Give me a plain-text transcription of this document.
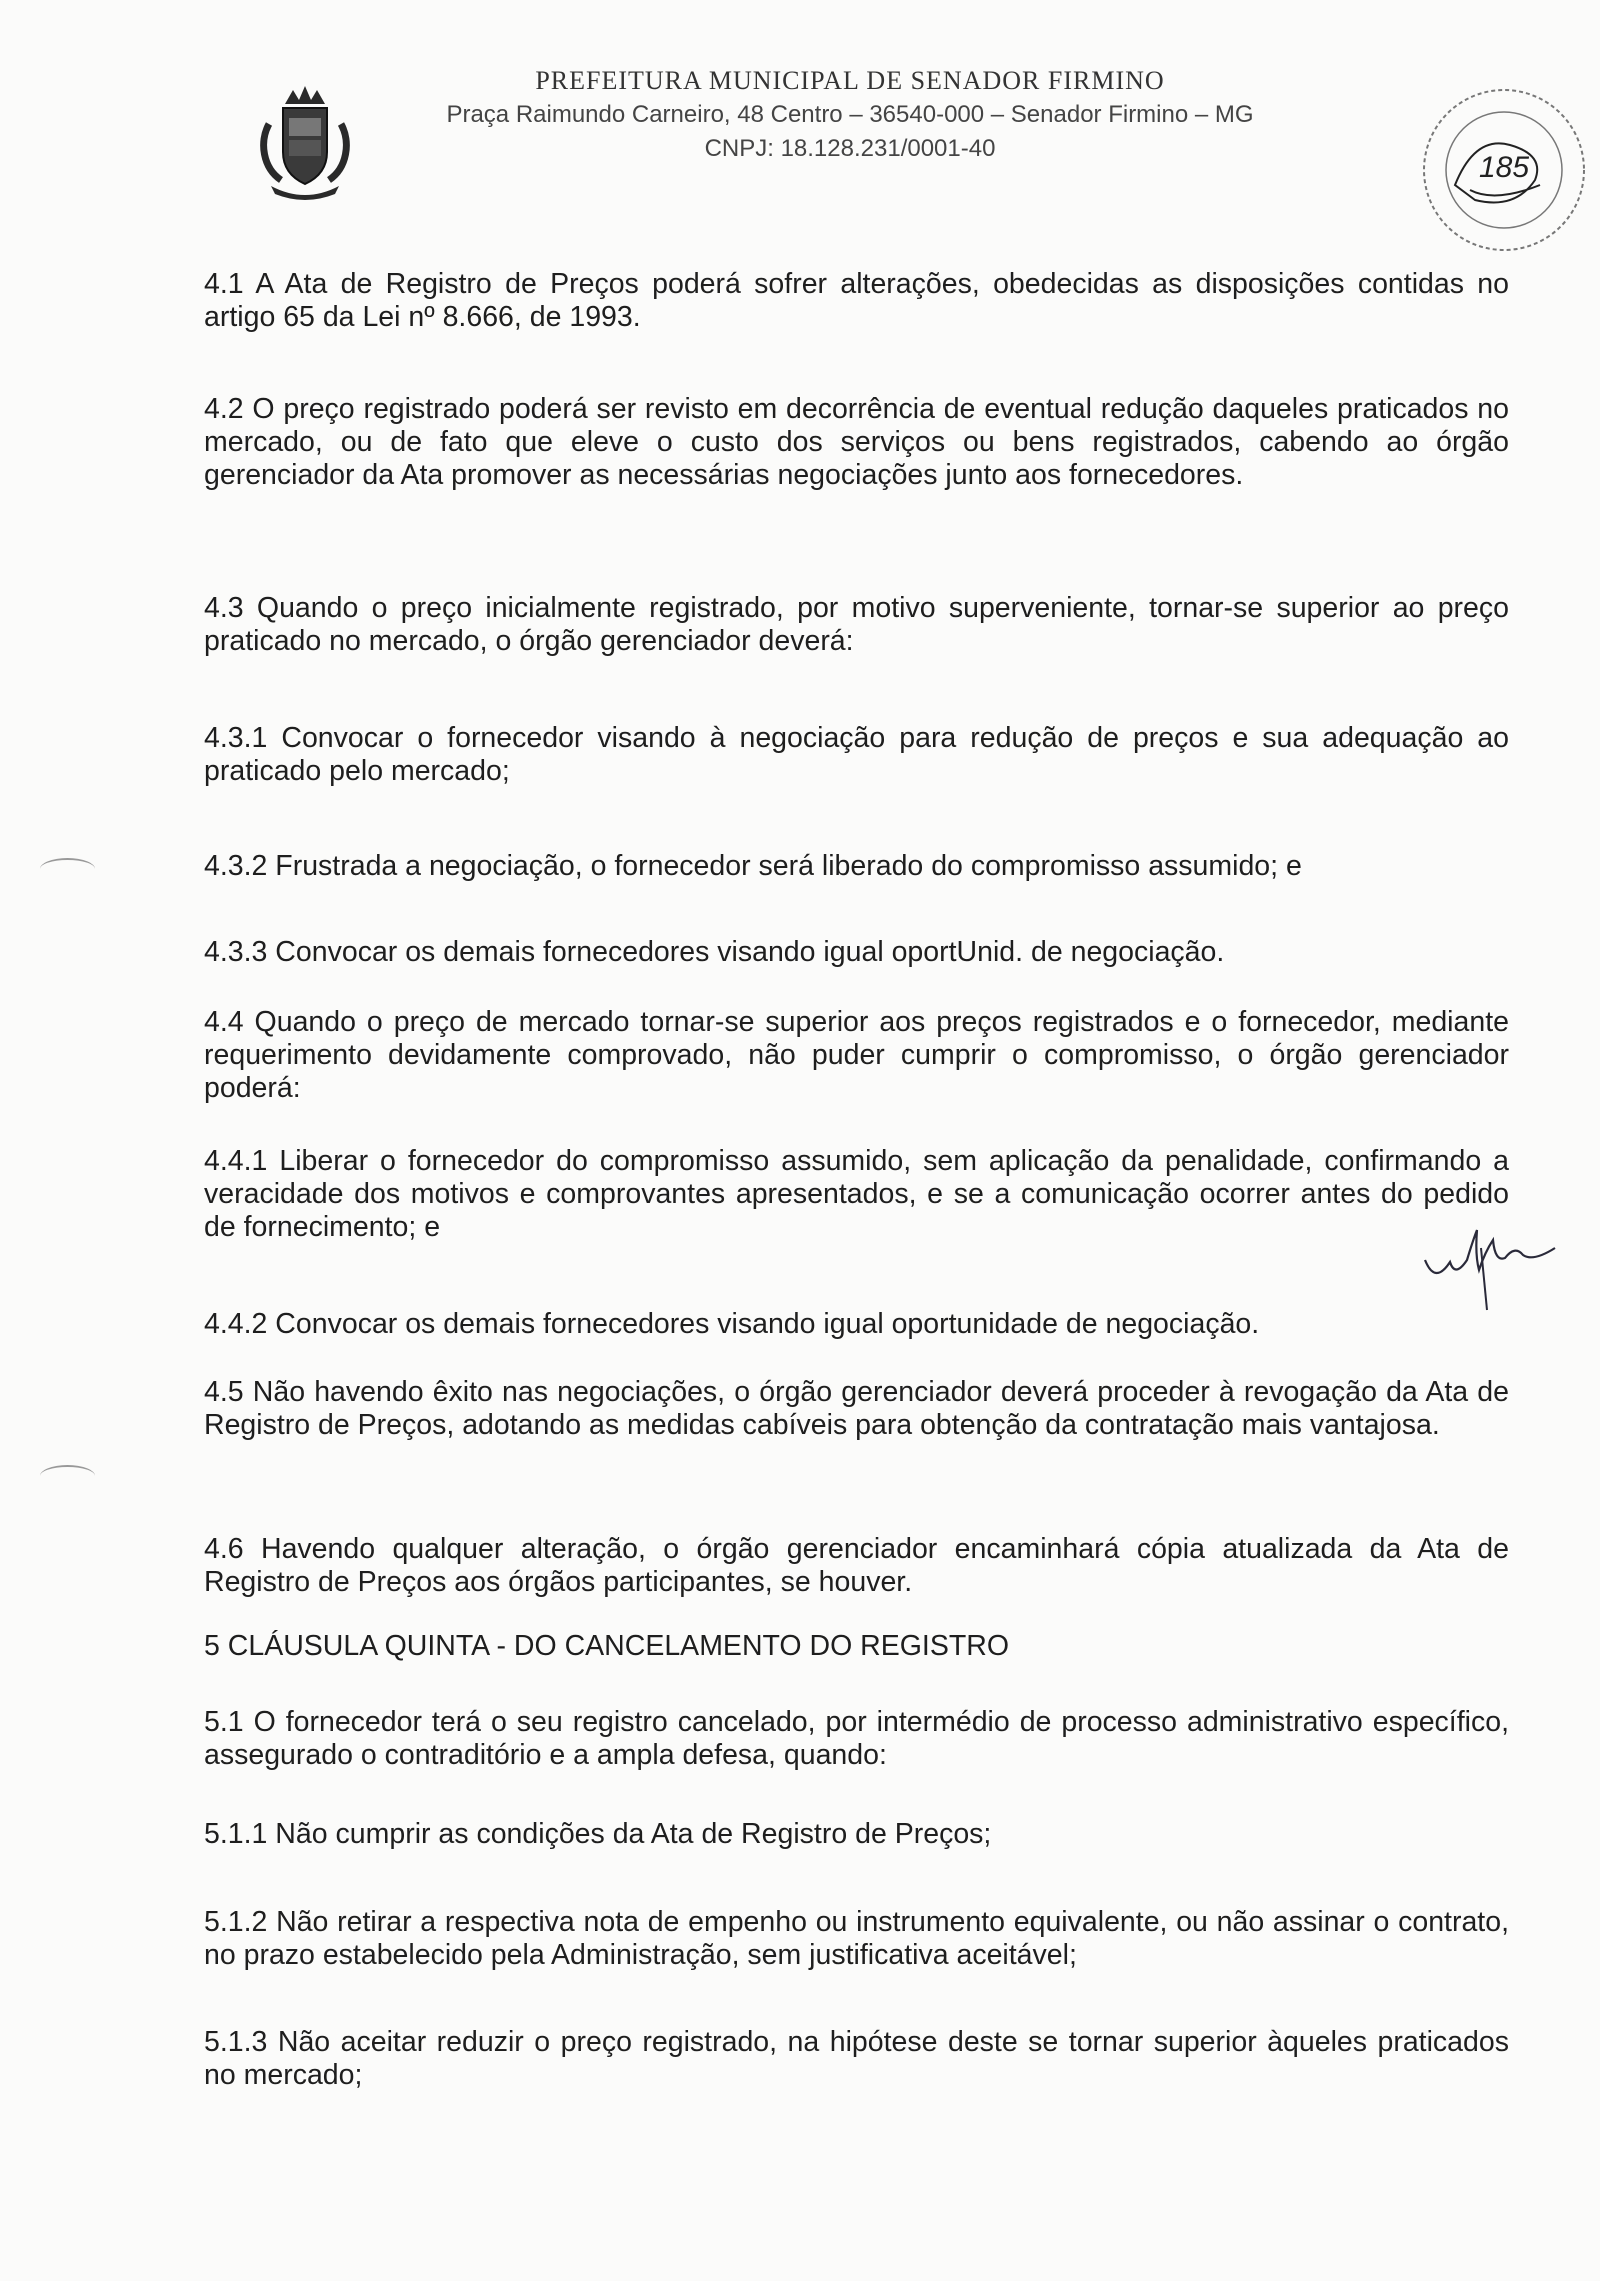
PREFEITURA MUNICIPAL DE SENADOR FIRMINO

Praça Raimundo Carneiro, 48 Centro – 36540-000 – Senador Firmino – MG

CNPJ: 18.128.231/0001-40

185

4.1 A Ata de Registro de Preços poderá sofrer alterações, obedecidas as disposições contidas no artigo 65 da Lei nº 8.666, de 1993.

4.2 O preço registrado poderá ser revisto em decorrência de eventual redução daqueles praticados no mercado, ou de fato que eleve o custo dos serviços ou bens registrados, cabendo ao órgão gerenciador da Ata promover as necessárias negociações junto aos fornecedores.

4.3 Quando o preço inicialmente registrado, por motivo superveniente, tornar-se superior ao preço praticado no mercado, o órgão gerenciador deverá:

4.3.1 Convocar o fornecedor visando à negociação para redução de preços e sua adequação ao praticado pelo mercado;

4.3.2 Frustrada a negociação, o fornecedor será liberado do compromisso assumido; e

4.3.3 Convocar os demais fornecedores visando igual oportUnid. de negociação.

4.4 Quando o preço de mercado tornar-se superior aos preços registrados e o fornecedor, mediante requerimento devidamente comprovado, não puder cumprir o compromisso, o órgão gerenciador poderá:

4.4.1 Liberar o fornecedor do compromisso assumido, sem aplicação da penalidade, confirmando a veracidade dos motivos e comprovantes apresentados, e se a comunicação ocorrer antes do pedido de fornecimento; e

4.4.2 Convocar os demais fornecedores visando igual oportunidade de negociação.

4.5 Não havendo êxito nas negociações, o órgão gerenciador deverá proceder à revogação da Ata de Registro de Preços, adotando as medidas cabíveis para obtenção da contratação mais vantajosa.

4.6 Havendo qualquer alteração, o órgão gerenciador encaminhará cópia atualizada da Ata de Registro de Preços aos órgãos participantes, se houver.

5 CLÁUSULA QUINTA - DO CANCELAMENTO DO REGISTRO

5.1 O fornecedor terá o seu registro cancelado, por intermédio de processo administrativo específico, assegurado o contraditório e a ampla defesa, quando:

5.1.1 Não cumprir as condições da Ata de Registro de Preços;

5.1.2 Não retirar a respectiva nota de empenho ou instrumento equivalente, ou não assinar o contrato, no prazo estabelecido pela Administração, sem justificativa aceitável;

5.1.3 Não aceitar reduzir o preço registrado, na hipótese deste se tornar superior àqueles praticados no mercado;
